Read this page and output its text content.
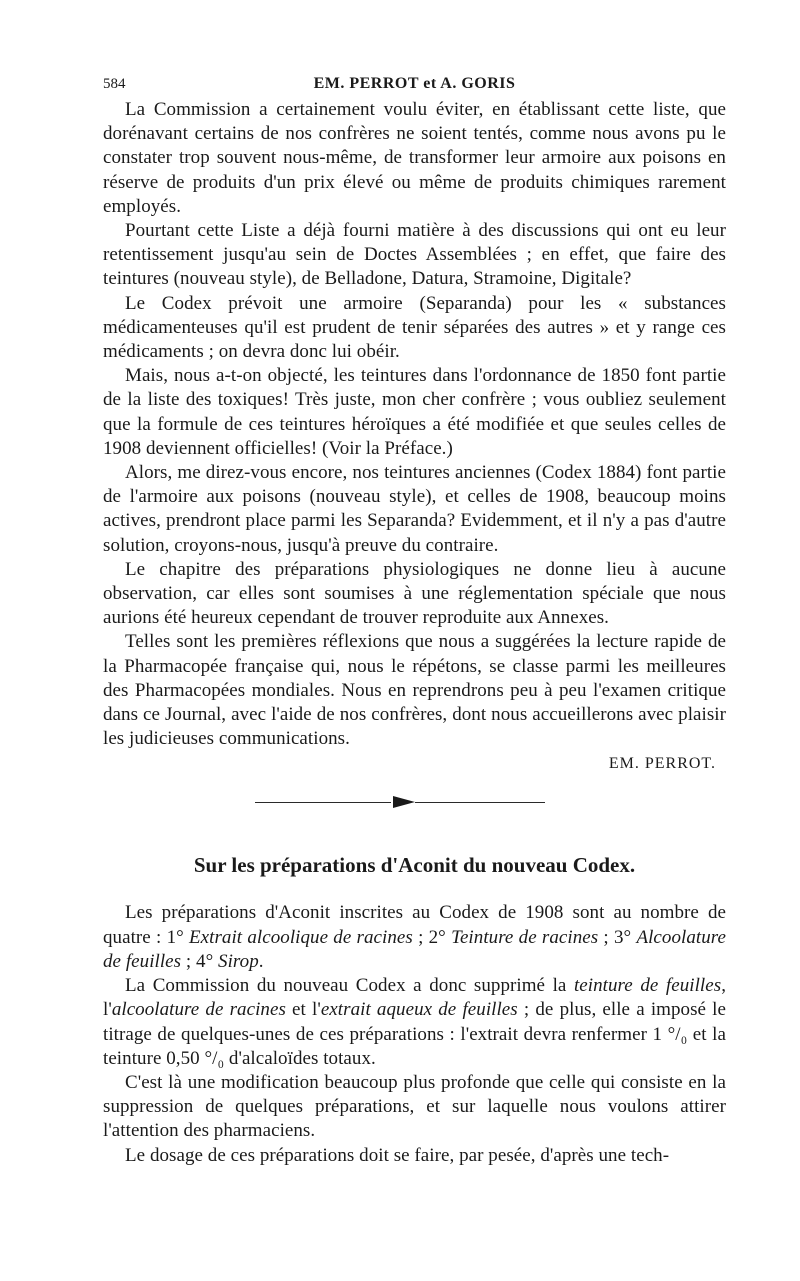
584	EM. PERROT et A. GORIS

La Commission a certainement voulu éviter, en établissant cette liste, que dorénavant certains de nos confrères ne soient tentés, comme nous avons pu le constater trop souvent nous-même, de transformer leur armoire aux poisons en réserve de produits d'un prix élevé ou même de produits chimiques rarement employés.

Pourtant cette Liste a déjà fourni matière à des discussions qui ont eu leur retentissement jusqu'au sein de Doctes Assemblées ; en effet, que faire des teintures (nouveau style), de Belladone, Datura, Stramoine, Digitale?

Le Codex prévoit une armoire (Separanda) pour les « substances médicamenteuses qu'il est prudent de tenir séparées des autres » et y range ces médicaments ; on devra donc lui obéir.

Mais, nous a-t-on objecté, les teintures dans l'ordonnance de 1850 font partie de la liste des toxiques! Très juste, mon cher confrère ; vous oubliez seulement que la formule de ces teintures héroïques a été modifiée et que seules celles de 1908 deviennent officielles! (Voir la Préface.)

Alors, me direz-vous encore, nos teintures anciennes (Codex 1884) font partie de l'armoire aux poisons (nouveau style), et celles de 1908, beaucoup moins actives, prendront place parmi les Separanda? Evidemment, et il n'y a pas d'autre solution, croyons-nous, jusqu'à preuve du contraire.

Le chapitre des préparations physiologiques ne donne lieu à aucune observation, car elles sont soumises à une réglementation spéciale que nous aurions été heureux cependant de trouver reproduite aux Annexes.

Telles sont les premières réflexions que nous a suggérées la lecture rapide de la Pharmacopée française qui, nous le répétons, se classe parmi les meilleures des Pharmacopées mondiales. Nous en reprendrons peu à peu l'examen critique dans ce Journal, avec l'aide de nos confrères, dont nous accueillerons avec plaisir les judicieuses communications.

EM. PERROT.
Sur les préparations d'Aconit du nouveau Codex.

Les préparations d'Aconit inscrites au Codex de 1908 sont au nombre de quatre : 1° Extrait alcoolique de racines ; 2° Teinture de racines ; 3° Alcoolature de feuilles ; 4° Sirop.

La Commission du nouveau Codex a donc supprimé la teinture de feuilles, l'alcoolature de racines et l'extrait aqueux de feuilles ; de plus, elle a imposé le titrage de quelques-unes de ces préparations : l'extrait devra renfermer 1 °/₀ et la teinture 0,50 °/₀ d'alcaloïdes totaux.

C'est là une modification beaucoup plus profonde que celle qui consiste en la suppression de quelques préparations, et sur laquelle nous voulons attirer l'attention des pharmaciens.

Le dosage de ces préparations doit se faire, par pesée, d'après une tech-
